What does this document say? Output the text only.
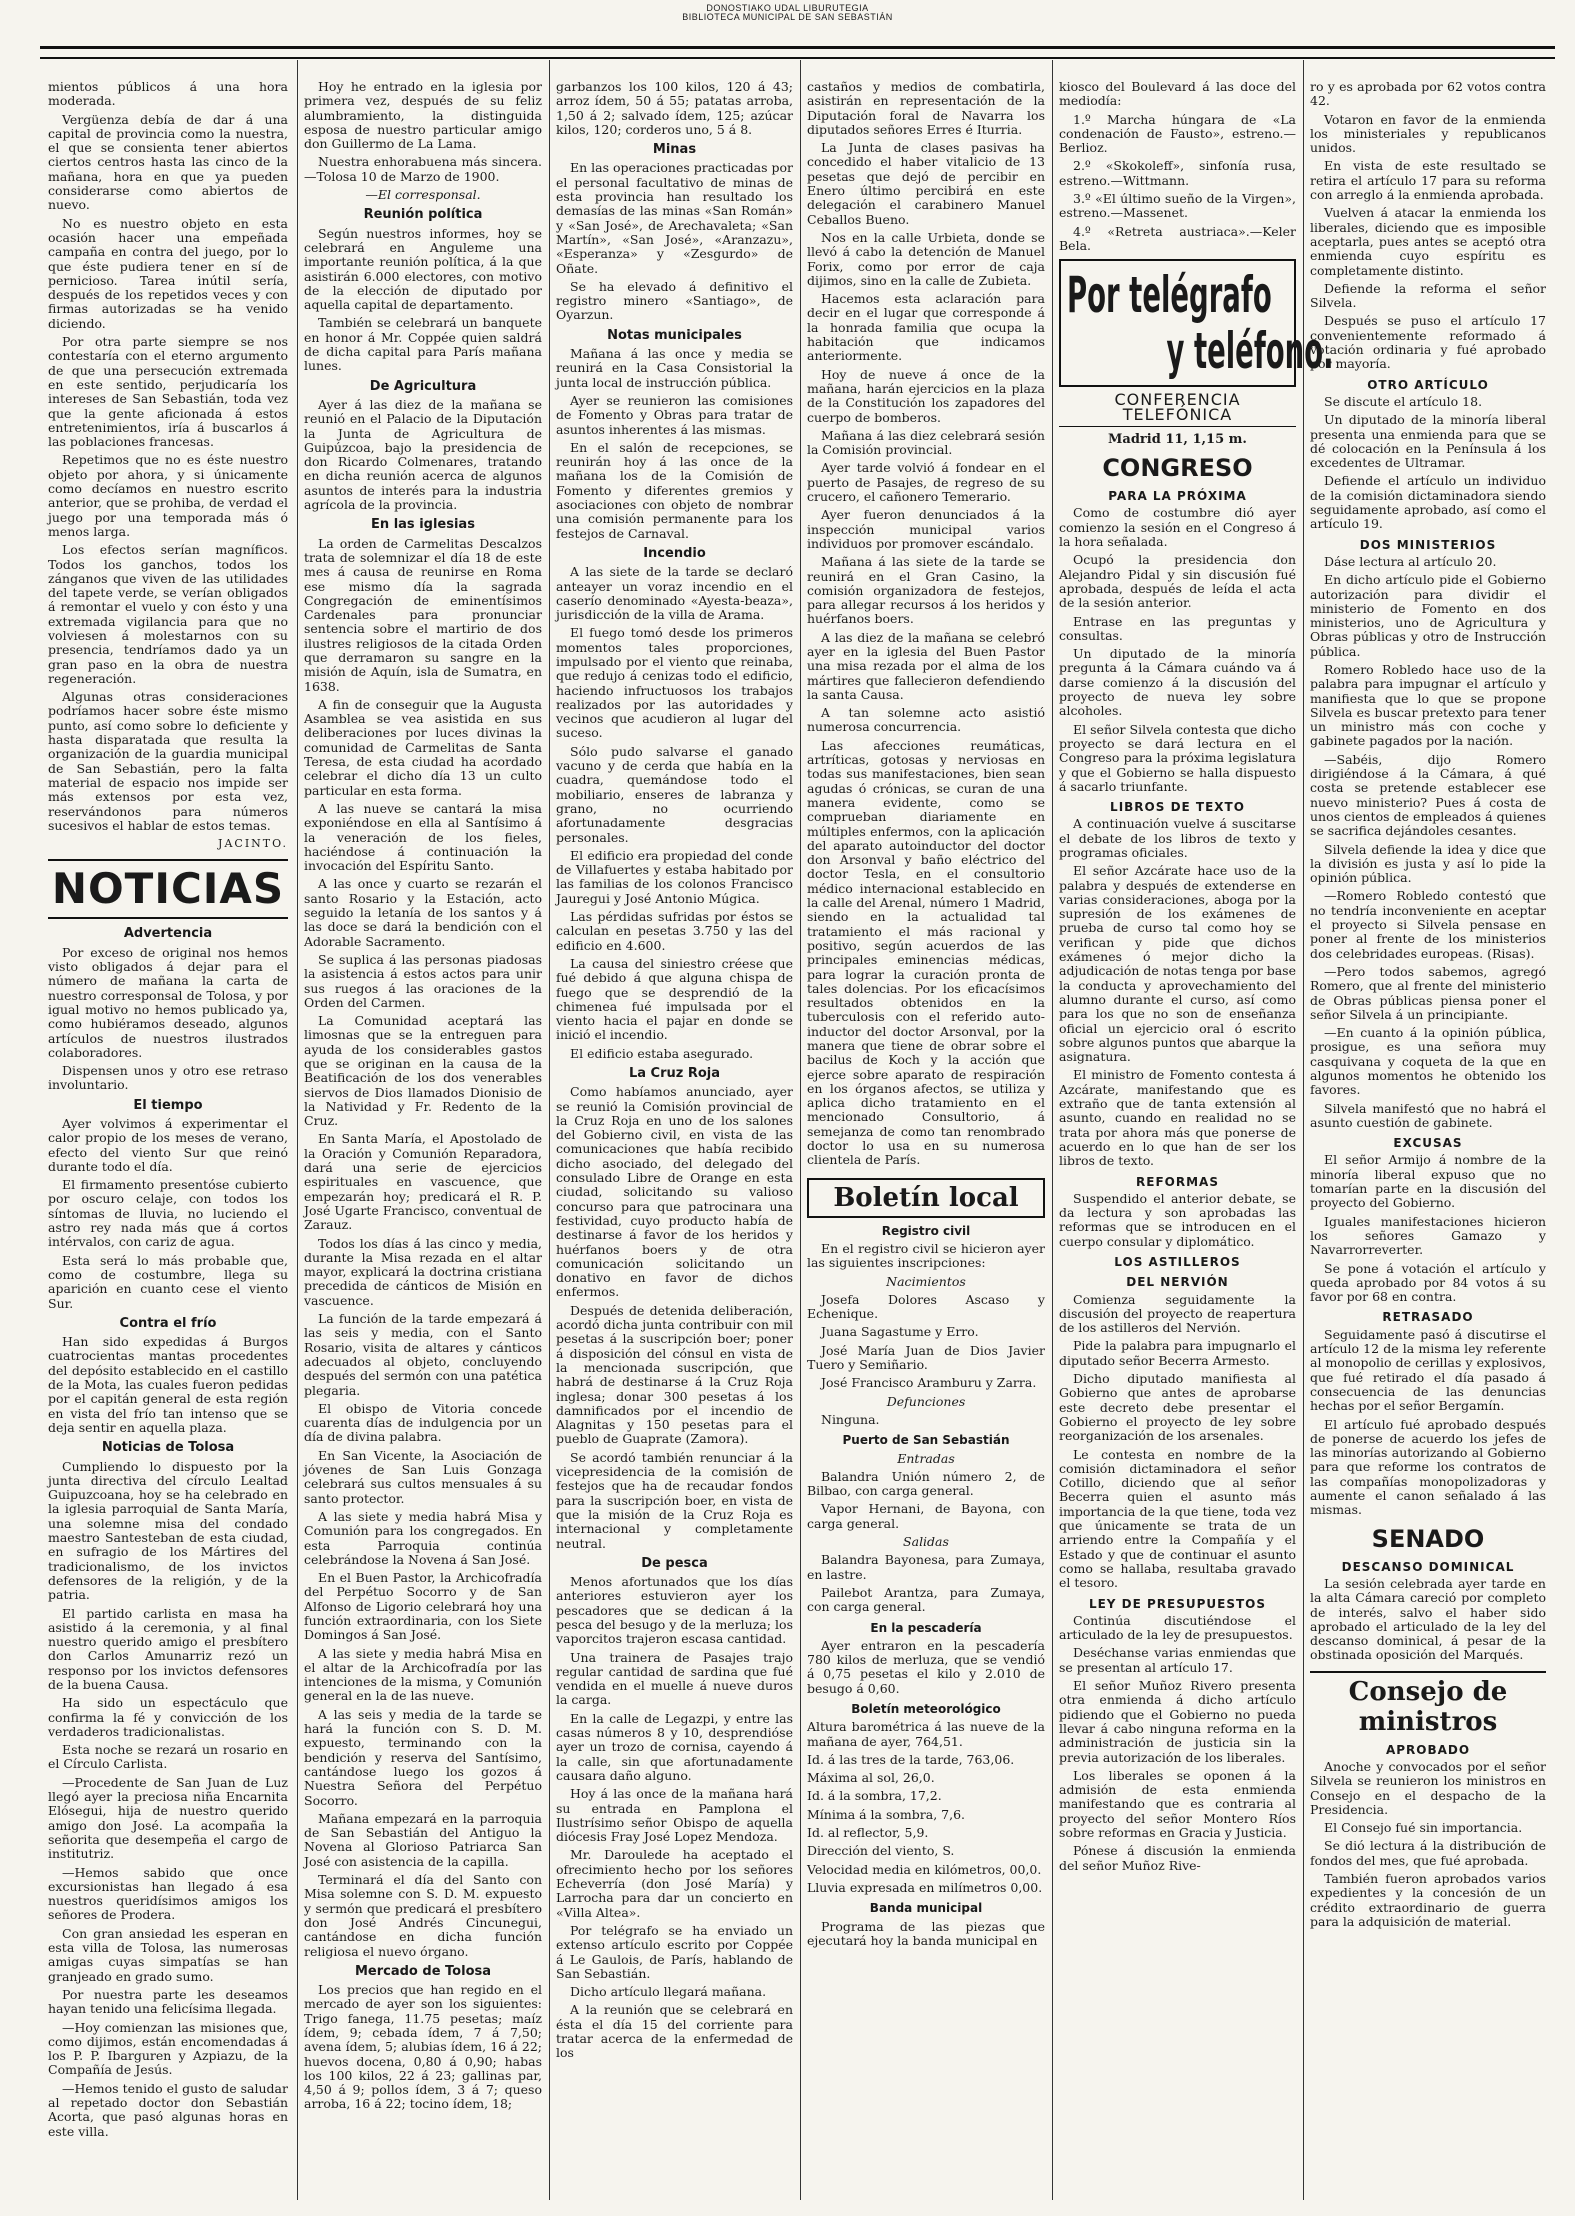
DONOSTIAKO UDAL LIBURUTEGIA
BIBLIOTECA MUNICIPAL DE SAN SEBASTIÁN

mientos públicos á una hora moderada.

Vergüenza debía de dar á una capital de provincia como la nuestra, el que se consienta tener abiertos ciertos centros hasta las cinco de la mañana, hora en que ya pueden considerarse como abiertos de nuevo.

No es nuestro objeto en esta ocasión hacer una empeñada campaña en contra del juego, por lo que éste pudiera tener en sí de pernicioso. Tarea inútil sería, después de los repetidos veces y con firmas autorizadas se ha venido diciendo.

Por otra parte siempre se nos contestaría con el eterno argumento de que una persecución extremada en este sentido, perjudicaría los intereses de San Sebastián, toda vez que la gente aficionada á estos entretenimientos, iría á buscarlos á las poblaciones francesas.

Repetimos que no es éste nuestro objeto por ahora, y si únicamente como decíamos en nuestro escrito anterior, que se prohiba, de verdad el juego por una temporada más ó menos larga.

Los efectos serían magníficos. Todos los ganchos, todos los zánganos que viven de las utilidades del tapete verde, se verían obligados á remontar el vuelo y con ésto y una extremada vigilancia para que no volviesen á molestarnos con su presencia, tendríamos dado ya un gran paso en la obra de nuestra regeneración.

Algunas otras consideraciones podríamos hacer sobre éste mismo punto, así como sobre lo deficiente y hasta disparatada que resulta la organización de la guardia municipal de San Sebastián, pero la falta material de espacio nos impide ser más extensos por esta vez, reservándonos para números sucesivos el hablar de estos temas.

JACINTO.
NOTICIAS
Advertencia

Por exceso de original nos hemos visto obligados á dejar para el número de mañana la carta de nuestro corresponsal de Tolosa, y por igual motivo no hemos publicado ya, como hubiéramos deseado, algunos artículos de nuestros ilustrados colaboradores.

Dispensen unos y otro ese retraso involuntario.

El tiempo

Ayer volvimos á experimentar el calor propio de los meses de verano, efecto del viento Sur que reinó durante todo el día.

El firmamento presentóse cubierto por oscuro celaje, con todos los síntomas de lluvia, no luciendo el astro rey nada más que á cortos intérvalos, con cariz de agua.

Esta será lo más probable que, como de costumbre, llega su aparición en cuanto cese el viento Sur.

Contra el frío

Han sido expedidas á Burgos cuatrocientas mantas procedentes del depósito establecido en el castillo de la Mota, las cuales fueron pedidas por el capitán general de esta región en vista del frío tan intenso que se deja sentir en aquella plaza.

Noticias de Tolosa

Cumpliendo lo dispuesto por la junta directiva del círculo Lealtad Guipuzcoana, hoy se ha celebrado en la iglesia parroquial de Santa María, una solemne misa del condado maestro Santesteban de esta ciudad, en sufragio de los Mártires del tradicionalismo, de los invictos defensores de la religión, y de la patria.

El partido carlista en masa ha asistido á la ceremonia, y al final nuestro querido amigo el presbítero don Carlos Amunarriz rezó un responso por los invictos defensores de la buena Causa.

Ha sido un espectáculo que confirma la fé y convicción de los verdaderos tradicionalistas.

Esta noche se rezará un rosario en el Círculo Carlista.

—Procedente de San Juan de Luz llegó ayer la preciosa niña Encarnita Elósegui, hija de nuestro querido amigo don José. La acompaña la señorita que desempeña el cargo de institutriz.

—Hemos sabido que once excursionistas han llegado á esa nuestros queridísimos amigos los señores de Prodera.

Con gran ansiedad les esperan en esta villa de Tolosa, las numerosas amigas cuyas simpatías se han granjeado en grado sumo.

Por nuestra parte les deseamos hayan tenido una felicísima llegada.

—Hoy comienzan las misiones que, como dijimos, están encomendadas á los P. P. Ibarguren y Azpiazu, de la Compañía de Jesús.

—Hemos tenido el gusto de saludar al repetado doctor don Sebastián Acorta, que pasó algunas horas en este villa.

Hoy he entrado en la iglesia por primera vez, después de su feliz alumbramiento, la distinguida esposa de nuestro particular amigo don Guillermo de La Lama.

Nuestra enhorabuena más sincera.—Tolosa 10 de Marzo de 1900.

—El corresponsal.

Reunión política

Según nuestros informes, hoy se celebrará en Anguleme una importante reunión política, á la que asistirán 6.000 electores, con motivo de la elección de diputado por aquella capital de departamento.

También se celebrará un banquete en honor á Mr. Coppée quien saldrá de dicha capital para París mañana lunes.

De Agricultura

Ayer á las diez de la mañana se reunió en el Palacio de la Diputación la Junta de Agricultura de Guipúzcoa, bajo la presidencia de don Ricardo Colmenares, tratando en dicha reunión acerca de algunos asuntos de interés para la industria agrícola de la provincia.

En las iglesias

La orden de Carmelitas Descalzos trata de solemnizar el día 18 de este mes á causa de reunirse en Roma ese mismo día la sagrada Congregación de eminentísimos Cardenales para pronunciar sentencia sobre el martirio de dos ilustres religiosos de la citada Orden que derramaron su sangre en la misión de Aquín, isla de Sumatra, en 1638.

A fin de conseguir que la Augusta Asamblea se vea asistida en sus deliberaciones por luces divinas la comunidad de Carmelitas de Santa Teresa, de esta ciudad ha acordado celebrar el dicho día 13 un culto particular en esta forma.

A las nueve se cantará la misa exponiéndose en ella al Santísimo á la veneración de los fieles, haciéndose á continuación la invocación del Espíritu Santo.

A las once y cuarto se rezarán el santo Rosario y la Estación, acto seguido la letanía de los santos y á las doce se dará la bendición con el Adorable Sacramento.

Se suplica á las personas piadosas la asistencia á estos actos para unir sus ruegos á las oraciones de la Orden del Carmen.

La Comunidad aceptará las limosnas que se la entreguen para ayuda de los considerables gastos que se originan en la causa de la Beatificación de los dos venerables siervos de Dios llamados Dionisio de la Natividad y Fr. Redento de la Cruz.

En Santa María, el Apostolado de la Oración y Comunión Reparadora, dará una serie de ejercicios espirituales en vascuence, que empezarán hoy; predicará el R. P. José Ugarte Francisco, conventual de Zarauz.

Todos los días á las cinco y media, durante la Misa rezada en el altar mayor, explicará la doctrina cristiana precedida de cánticos de Misión en vascuence.

La función de la tarde empezará á las seis y media, con el Santo Rosario, visita de altares y cánticos adecuados al objeto, concluyendo después del sermón con una patética plegaria.

El obispo de Vitoria concede cuarenta días de indulgencia por un día de divina palabra.

En San Vicente, la Asociación de jóvenes de San Luis Gonzaga celebrará sus cultos mensuales á su santo protector.

A las siete y media habrá Misa y Comunión para los congregados. En esta Parroquia continúa celebrándose la Novena á San José.

En el Buen Pastor, la Archicofradía del Perpétuo Socorro y de San Alfonso de Ligorio celebrará hoy una función extraordinaria, con los Siete Domingos á San José.

A las siete y media habrá Misa en el altar de la Archicofradía por las intenciones de la misma, y Comunión general en la de las nueve.

A las seis y media de la tarde se hará la función con S. D. M. expuesto, terminando con la bendición y reserva del Santísimo, cantándose luego los gozos á Nuestra Señora del Perpétuo Socorro.

Mañana empezará en la parroquia de San Sebastián del Antiguo la Novena al Glorioso Patriarca San José con asistencia de la capilla.

Terminará el día del Santo con Misa solemne con S. D. M. expuesto y sermón que predicará el presbítero don José Andrés Cincunegui, cantándose en dicha función religiosa el nuevo órgano.

Mercado de Tolosa

Los precios que han regido en el mercado de ayer son los siguientes: Trigo fanega, 11.75 pesetas; maíz ídem, 9; cebada ídem, 7 á 7,50; avena ídem, 5; alubias ídem, 16 á 22; huevos docena, 0,80 á 0,90; habas los 100 kilos, 22 á 23; gallinas par, 4,50 á 9; pollos ídem, 3 á 7; queso arroba, 16 á 22; tocino ídem, 18;

garbanzos los 100 kilos, 120 á 43; arroz ídem, 50 á 55; patatas arroba, 1,50 á 2; salvado ídem, 125; azúcar kilos, 120; corderos uno, 5 á 8.

Minas

En las operaciones practicadas por el personal facultativo de minas de esta provincia han resultado los demasías de las minas «San Román» y «San José», de Arechavaleta; «San Martín», «San José», «Aranzazu», «Esperanza» y «Zesgurdo» de Oñate.

Se ha elevado á definitivo el registro minero «Santiago», de Oyarzun.

Notas municipales

Mañana á las once y media se reunirá en la Casa Consistorial la junta local de instrucción pública.

Ayer se reunieron las comisiones de Fomento y Obras para tratar de asuntos inherentes á las mismas.

En el salón de recepciones, se reunirán hoy á las once de la mañana los de la Comisión de Fomento y diferentes gremios y asociaciones con objeto de nombrar una comisión permanente para los festejos de Carnaval.

Incendio

A las siete de la tarde se declaró anteayer un voraz incendio en el caserío denominado «Ayesta-beaza», jurisdicción de la villa de Arama.

El fuego tomó desde los primeros momentos tales proporciones, impulsado por el viento que reinaba, que redujo á cenizas todo el edificio, haciendo infructuosos los trabajos realizados por las autoridades y vecinos que acudieron al lugar del suceso.

Sólo pudo salvarse el ganado vacuno y de cerda que había en la cuadra, quemándose todo el mobiliario, enseres de labranza y grano, no ocurriendo afortunadamente desgracias personales.

El edificio era propiedad del conde de Villafuertes y estaba habitado por las familias de los colonos Francisco Jauregui y José Antonio Múgica.

Las pérdidas sufridas por éstos se calculan en pesetas 3.750 y las del edificio en 4.600.

La causa del siniestro créese que fué debido á que alguna chispa de fuego que se desprendió de la chimenea fué impulsada por el viento hacia el pajar en donde se inició el incendio.

El edificio estaba asegurado.

La Cruz Roja

Como habíamos anunciado, ayer se reunió la Comisión provincial de la Cruz Roja en uno de los salones del Gobierno civil, en vista de las comunicaciones que había recibido dicho asociado, del delegado del consulado Libre de Orange en esta ciudad, solicitando su valioso concurso para que patrocinara una festividad, cuyo producto había de destinarse á favor de los heridos y huérfanos boers y de otra comunicación solicitando un donativo en favor de dichos enfermos.

Después de detenida deliberación, acordó dicha junta contribuir con mil pesetas á la suscripción boer; poner á disposición del cónsul en vista de la mencionada suscripción, que habrá de destinarse á la Cruz Roja inglesa; donar 300 pesetas á los damnificados por el incendio de Alagnitas y 150 pesetas para el pueblo de Guaprate (Zamora).

Se acordó también renunciar á la vicepresidencia de la comisión de festejos que ha de recaudar fondos para la suscripción boer, en vista de que la misión de la Cruz Roja es internacional y completamente neutral.

De pesca

Menos afortunados que los días anteriores estuvieron ayer los pescadores que se dedican á la pesca del besugo y de la merluza; los vaporcitos trajeron escasa cantidad.

Una trainera de Pasajes trajo regular cantidad de sardina que fué vendida en el muelle á nueve duros la carga.

En la calle de Legazpi, y entre las casas números 8 y 10, desprendióse ayer un trozo de cornisa, cayendo á la calle, sin que afortunadamente causara daño alguno.

Hoy á las once de la mañana hará su entrada en Pamplona el Ilustrísimo señor Obispo de aquella diócesis Fray José Lopez Mendoza.

Mr. Daroulede ha aceptado el ofrecimiento hecho por los señores Echeverría (don José María) y Larrocha para dar un concierto en «Villa Altea».

Por telégrafo se ha enviado un extenso artículo escrito por Coppée á Le Gaulois, de París, hablando de San Sebastián.

Dicho artículo llegará mañana.

A la reunión que se celebrará en ésta el día 15 del corriente para tratar acerca de la enfermedad de los

castaños y medios de combatirla, asistirán en representación de la Diputación foral de Navarra los diputados señores Erres é Iturria.

La Junta de clases pasivas ha concedido el haber vitalicio de 13 pesetas que dejó de percibir en Enero último percibirá en este delegación el carabinero Manuel Ceballos Bueno.

Nos en la calle Urbieta, donde se llevó á cabo la detención de Manuel Forix, como por error de caja dijimos, sino en la calle de Zubieta.

Hacemos esta aclaración para decir en el lugar que corresponde á la honrada familia que ocupa la habitación que indicamos anteriormente.

Hoy de nueve á once de la mañana, harán ejercicios en la plaza de la Constitución los zapadores del cuerpo de bomberos.

Mañana á las diez celebrará sesión la Comisión provincial.

Ayer tarde volvió á fondear en el puerto de Pasajes, de regreso de su crucero, el cañonero Temerario.

Ayer fueron denunciados á la inspección municipal varios individuos por promover escándalo.

Mañana á las siete de la tarde se reunirá en el Gran Casino, la comisión organizadora de festejos, para allegar recursos á los heridos y huérfanos boers.

A las diez de la mañana se celebró ayer en la iglesia del Buen Pastor una misa rezada por el alma de los mártires que fallecieron defendiendo la santa Causa.

A tan solemne acto asistió numerosa concurrencia.

Las afecciones reumáticas, artríticas, gotosas y nerviosas en todas sus manifestaciones, bien sean agudas ó crónicas, se curan de una manera evidente, como se comprueban diariamente en múltiples enfermos, con la aplicación del aparato autoinductor del doctor don Arsonval y baño eléctrico del doctor Tesla, en el consultorio médico internacional establecido en la calle del Arenal, número 1 Madrid, siendo en la actualidad tal tratamiento el más racional y positivo, según acuerdos de las principales eminencias médicas, para lograr la curación pronta de tales dolencias. Por los eficacísimos resultados obtenidos en la tuberculosis con el referido auto-inductor del doctor Arsonval, por la manera que tiene de obrar sobre el bacilus de Koch y la acción que ejerce sobre aparato de respiración en los órganos afectos, se utiliza y aplica dicho tratamiento en el mencionado Consultorio, á semejanza de como tan renombrado doctor lo usa en su numerosa clientela de París.

Boletín local
Registro civil

En el registro civil se hicieron ayer las siguientes inscripciones:

Nacimientos

Josefa Dolores Ascaso y Echenique.

Juana Sagastume y Erro.

José María Juan de Dios Javier Tuero y Semiñario.

José Francisco Aramburu y Zarra.

Defunciones

Ninguna.

Puerto de San Sebastián

Entradas

Balandra Unión número 2, de Bilbao, con carga general.

Vapor Hernani, de Bayona, con carga general.

Salidas

Balandra Bayonesa, para Zumaya, en lastre.

Pailebot Arantza, para Zumaya, con carga general.

En la pescadería

Ayer entraron en la pescadería 780 kilos de merluza, que se vendió á 0,75 pesetas el kilo y 2.010 de besugo á 0,60.

Boletín meteorológico

Altura barométrica á las nueve de la mañana de ayer, 764,51.

Id. á las tres de la tarde, 763,06.

Máxima al sol, 26,0.

Id. á la sombra, 17,2.

Mínima á la sombra, 7,6.

Id. al reflector, 5,9.

Dirección del viento, S.

Velocidad media en kilómetros, 00,0.

Lluvia expresada en milímetros 0,00.

Banda municipal

Programa de las piezas que ejecutará hoy la banda municipal en

kiosco del Boulevard á las doce del mediodía:

1.º Marcha húngara de «La condenación de Fausto», estreno.—Berlioz.

2.º «Skokoleff», sinfonía rusa, estreno.—Wittmann.

3.º «El último sueño de la Virgen», estreno.—Massenet.

4.º «Retreta austriaca».—Keler Bela.

Por telégrafo
y teléfono.
CONFERENCIA TELEFÓNICA
Madrid 11, 1,15 m.
CONGRESO
PARA LA PRÓXIMA

Como de costumbre dió ayer comienzo la sesión en el Congreso á la hora señalada.

Ocupó la presidencia don Alejandro Pidal y sin discusión fué aprobada, después de leída el acta de la sesión anterior.

Entrase en las preguntas y consultas.

Un diputado de la minoría pregunta á la Cámara cuándo va á darse comienzo á la discusión del proyecto de nueva ley sobre alcoholes.

El señor Silvela contesta que dicho proyecto se dará lectura en el Congreso para la próxima legislatura y que el Gobierno se halla dispuesto á sacarlo triunfante.

LIBROS DE TEXTO

A continuación vuelve á suscitarse el debate de los libros de texto y programas oficiales.

El señor Azcárate hace uso de la palabra y después de extenderse en varias consideraciones, aboga por la supresión de los exámenes de prueba de curso tal como hoy se verifican y pide que dichos exámenes ó mejor dicho la adjudicación de notas tenga por base la conducta y aprovechamiento del alumno durante el curso, así como para los que no son de enseñanza oficial un ejercicio oral ó escrito sobre algunos puntos que abarque la asignatura.

El ministro de Fomento contesta á Azcárate, manifestando que es extraño que de tanta extensión al asunto, cuando en realidad no se trata por ahora más que ponerse de acuerdo en lo que han de ser los libros de texto.

REFORMAS

Suspendido el anterior debate, se da lectura y son aprobadas las reformas que se introducen en el cuerpo consular y diplomático.

LOS ASTILLEROS
DEL NERVIÓN

Comienza seguidamente la discusión del proyecto de reapertura de los astilleros del Nervión.

Pide la palabra para impugnarlo el diputado señor Becerra Armesto.

Dicho diputado manifiesta al Gobierno que antes de aprobarse este decreto debe presentar el Gobierno el proyecto de ley sobre reorganización de los arsenales.

Le contesta en nombre de la comisión dictaminadora el señor Cotillo, diciendo que al señor Becerra quien el asunto más importancia de la que tiene, toda vez que únicamente se trata de un arriendo entre la Compañía y el Estado y que de continuar el asunto como se hallaba, resultaba gravado el tesoro.

LEY DE PRESUPUESTOS

Continúa discutiéndose el articulado de la ley de presupuestos.

Deséchanse varias enmiendas que se presentan al artículo 17.

El señor Muñoz Rivero presenta otra enmienda á dicho artículo pidiendo que el Gobierno no pueda llevar á cabo ninguna reforma en la administración de justicia sin la previa autorización de los liberales.

Los liberales se oponen á la admisión de esta enmienda manifestando que es contraria al proyecto del señor Montero Ríos sobre reformas en Gracia y Justicia.

Pónese á discusión la enmienda del señor Muñoz Rive-

ro y es aprobada por 62 votos contra 42.

Votaron en favor de la enmienda los ministeriales y republicanos unidos.

En vista de este resultado se retira el artículo 17 para su reforma con arreglo á la enmienda aprobada.

Vuelven á atacar la enmienda los liberales, diciendo que es imposible aceptarla, pues antes se aceptó otra enmienda cuyo espíritu es completamente distinto.

Defiende la reforma el señor Silvela.

Después se puso el artículo 17 convenientemente reformado á votación ordinaria y fué aprobado por mayoría.

OTRO ARTÍCULO

Se discute el artículo 18.

Un diputado de la minoría liberal presenta una enmienda para que se dé colocación en la Península á los excedentes de Ultramar.

Defiende el artículo un individuo de la comisión dictaminadora siendo seguidamente aprobado, así como el artículo 19.

DOS MINISTERIOS

Dáse lectura al artículo 20.

En dicho artículo pide el Gobierno autorización para dividir el ministerio de Fomento en dos ministerios, uno de Agricultura y Obras públicas y otro de Instrucción pública.

Romero Robledo hace uso de la palabra para impugnar el artículo y manifiesta que lo que se propone Silvela es buscar pretexto para tener un ministro más con coche y gabinete pagados por la nación.

—Sabéis, dijo Romero dirigiéndose á la Cámara, á qué costa se pretende establecer ese nuevo ministerio? Pues á costa de unos cientos de empleados á quienes se sacrifica dejándoles cesantes.

Silvela defiende la idea y dice que la división es justa y así lo pide la opinión pública.

—Romero Robledo contestó que no tendría inconveniente en aceptar el proyecto si Silvela pensase en poner al frente de los ministerios dos celebridades europeas. (Risas).

—Pero todos sabemos, agregó Romero, que al frente del ministerio de Obras públicas piensa poner el señor Silvela á un principiante.

—En cuanto á la opinión pública, prosigue, es una señora muy casquivana y coqueta de la que en algunos momentos he obtenido los favores.

Silvela manifestó que no habrá el asunto cuestión de gabinete.

EXCUSAS

El señor Armijo á nombre de la minoría liberal expuso que no tomarían parte en la discusión del proyecto del Gobierno.

Iguales manifestaciones hicieron los señores Gamazo y Navarrorreverter.

Se pone á votación el artículo y queda aprobado por 84 votos á su favor por 68 en contra.

RETRASADO

Seguidamente pasó á discutirse el artículo 12 de la misma ley referente al monopolio de cerillas y explosivos, que fué retirado el día pasado á consecuencia de las denuncias hechas por el señor Bergamín.

El artículo fué aprobado después de ponerse de acuerdo los jefes de las minorías autorizando al Gobierno para que reforme los contratos de las compañías monopolizadoras y aumente el canon señalado á las mismas.

SENADO
DESCANSO DOMINICAL

La sesión celebrada ayer tarde en la alta Cámara careció por completo de interés, salvo el haber sido aprobado el articulado de la ley del descanso dominical, á pesar de la obstinada oposición del Marqués.

Consejo de ministros
APROBADO

Anoche y convocados por el señor Silvela se reunieron los ministros en Consejo en el despacho de la Presidencia.

El Consejo fué sin importancia.

Se dió lectura á la distribución de fondos del mes, que fué aprobada.

También fueron aprobados varios expedientes y la concesión de un crédito extraordinario de guerra para la adquisición de material.
